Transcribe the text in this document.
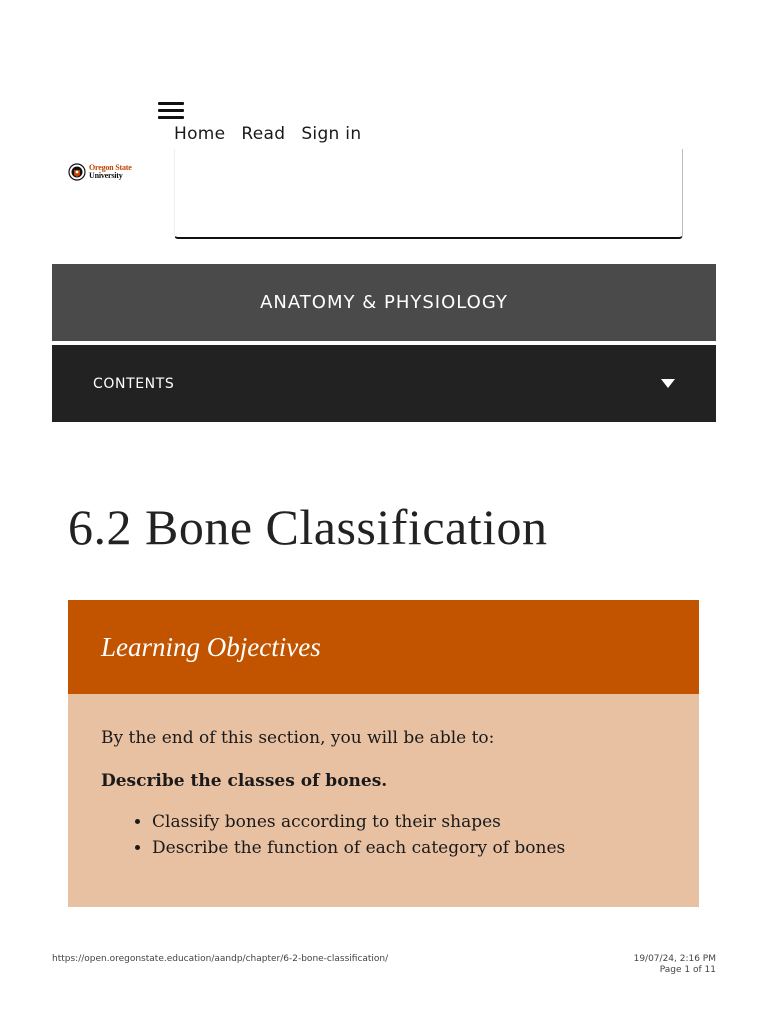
Home Read Sign in
Oregon State
University
ANATOMY & PHYSIOLOGY
CONTENTS
6.2 Bone Classification
Learning Objectives

By the end of this section, you will be able to:

Describe the classes of bones.

• Classify bones according to their shapes
• Describe the function of each category of bones
https://open.oregonstate.education/aandp/chapter/6-2-bone-classification/	19/07/24, 2:16 PM
Page 1 of 11
